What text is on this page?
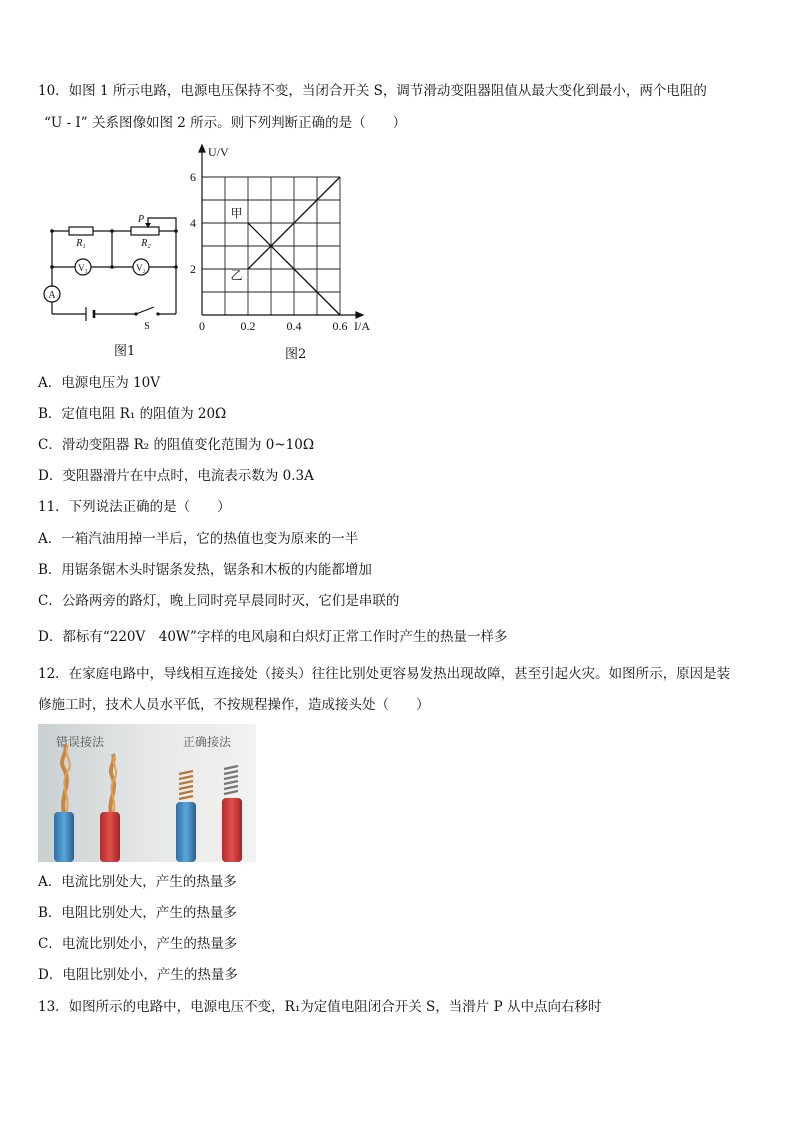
10．如图 1 所示电路，电源电压保持不变，当闭合开关 S，调节滑动变阻器阻值从最大变化到最小，两个电阻的
“U - I” 关系图像如图 2 所示。则下列判断正确的是（　　）
R₁	R₂
P
V₁	V₂
A
S
图1
U/V
I/A
6
4
2
0	0.2	0.4	0.6
甲
乙
图2
A．电源电压为 10V
B．定值电阻 R₁ 的阻值为 20Ω
C．滑动变阻器 R₂ 的阻值变化范围为 0~10Ω
D．变阻器滑片在中点时，电流表示数为 0.3A
11．下列说法正确的是（　　）
A．一箱汽油用掉一半后，它的热值也变为原来的一半
B．用锯条锯木头时锯条发热，锯条和木板的内能都增加
C．公路两旁的路灯，晚上同时亮早晨同时灭，它们是串联的
D．都标有“220V　40W”字样的电风扇和白炽灯正常工作时产生的热量一样多
12．在家庭电路中，导线相互连接处（接头）往往比别处更容易发热出现故障，甚至引起火灾。如图所示，原因是装
修施工时，技术人员水平低，不按规程操作，造成接头处（　　）
错误接法	正确接法
A．电流比别处大，产生的热量多
B．电阻比别处大，产生的热量多
C．电流比别处小，产生的热量多
D．电阻比别处小，产生的热量多
13．如图所示的电路中，电源电压不变，R₁为定值电阻闭合开关 S，当滑片 P 从中点向右移时
